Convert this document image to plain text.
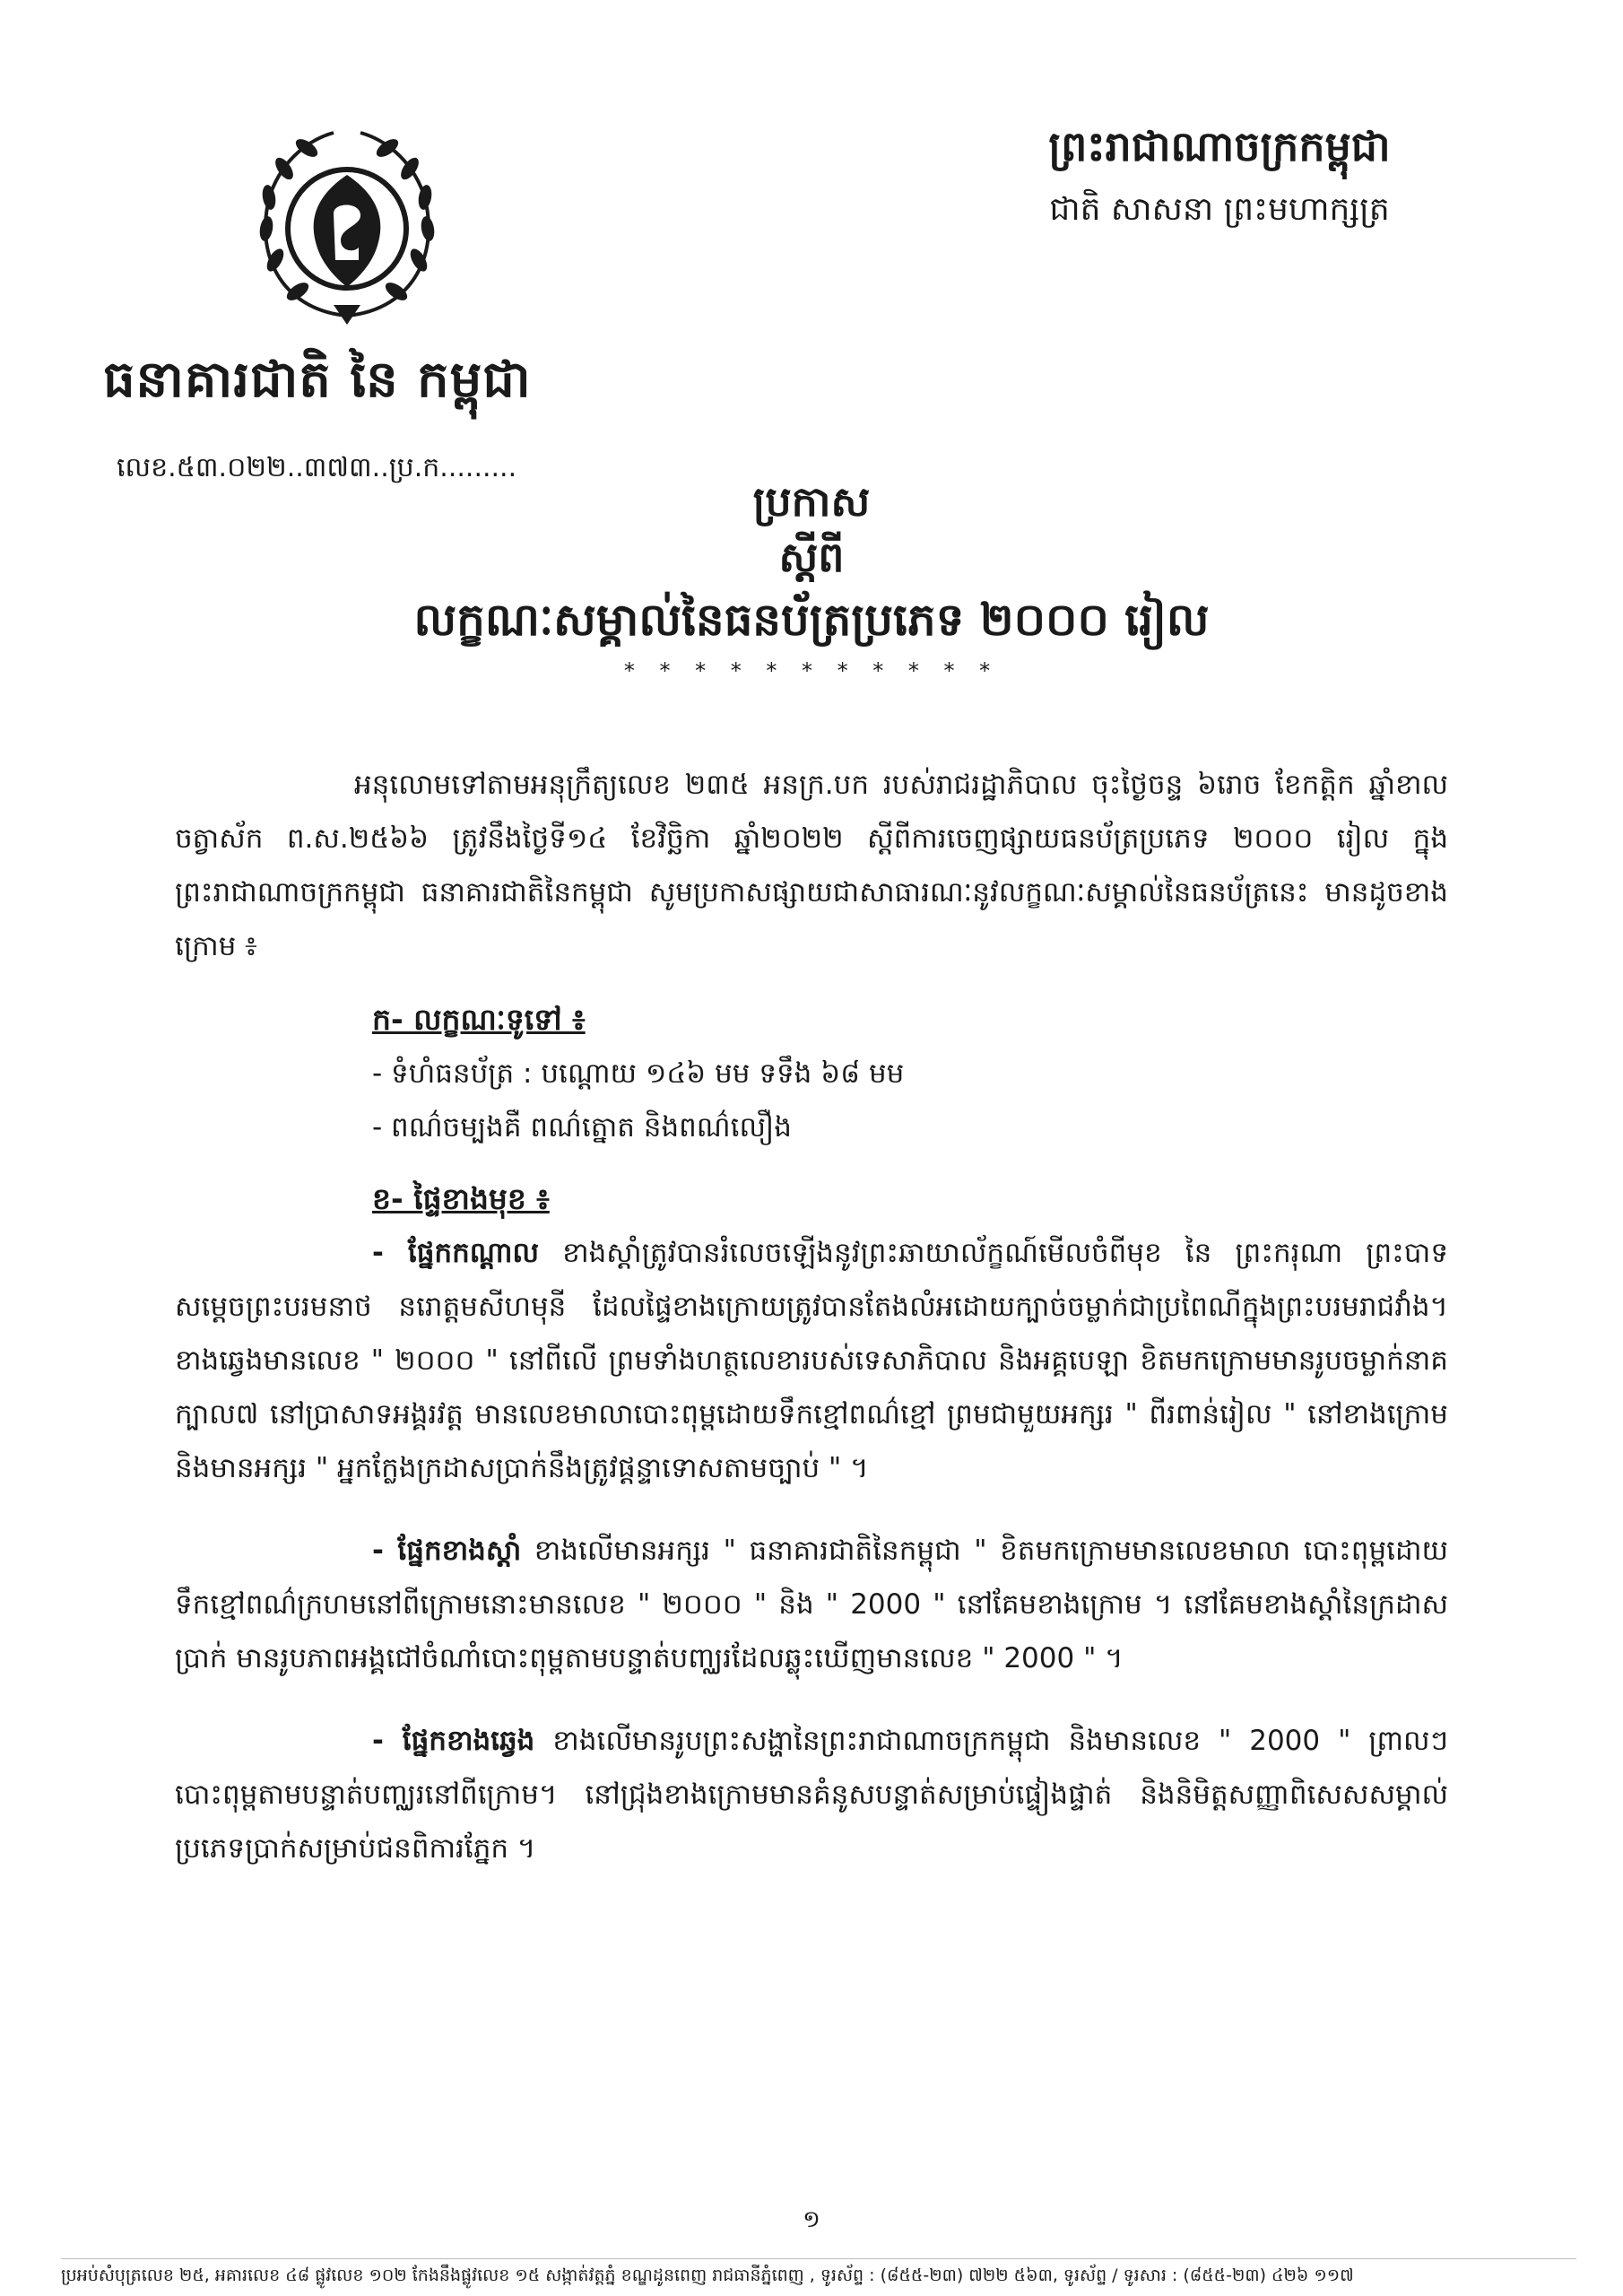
ធនាគារជាតិ នៃ កម្ពុជា
លេខ.៥៣.០២២..៣៧៣..ប្រ.ក.........
ព្រះរាជាណាចក្រកម្ពុជា
ជាតិ សាសនា ព្រះមហាក្សត្រ

ប្រកាស

ស្ដីពី

លក្ខណៈសម្គាល់នៃធនប័ត្រប្រភេទ ២០០០ រៀល

* * * * * * * * * * *

អនុលោមទៅតាមអនុក្រឹត្យលេខ ២៣៥ អនក្រ.បក របស់រាជរដ្ឋាភិបាល ចុះថ្ងៃចន្ទ ៦រោច ខែកត្តិក ឆ្នាំខាល ចត្វាស័ក ព.ស.២៥៦៦ ត្រូវនឹងថ្ងៃទី១៤ ខែវិច្ឆិកា ឆ្នាំ២០២២ ស្តីពីការចេញផ្សាយធនប័ត្រប្រភេទ ២០០០ រៀល ក្នុងព្រះរាជាណាចក្រកម្ពុជា ធនាគារជាតិនៃកម្ពុជា សូមប្រកាសផ្សាយជាសាធារណៈនូវលក្ខណៈសម្គាល់នៃធនប័ត្រនេះ មានដូចខាងក្រោម ៖

ក- លក្ខណៈទូទៅ ៖
- ទំហំធនប័ត្រ : បណ្ដោយ ១៤៦ មម ទទឹង ៦៨ មម
- ពណ៌ចម្បងគឺ ពណ៌ត្នោត និងពណ៌លឿង
ខ- ផ្ទៃខាងមុខ ៖

- ផ្នែកកណ្ដាល ខាងស្តាំត្រូវបានរំលេចឡើងនូវព្រះឆាយាល័ក្ខណ៍មើលចំពីមុខ នៃ ព្រះករុណា ព្រះបាទ សម្ដេចព្រះបរមនាថ នរោត្តមសីហមុនី ដែលផ្ទៃខាងក្រោយត្រូវបានតែងលំអដោយក្បាច់ចម្លាក់ជាប្រពៃណីក្នុងព្រះបរមរាជវាំង។ ខាងឆ្វេងមានលេខ " ២០០០ " នៅពីលើ ព្រមទាំងហត្ថលេខារបស់ទេសាភិបាល និងអគ្គបេឡា ខិតមកក្រោមមានរូបចម្លាក់នាគក្បាល៧ នៅប្រាសាទអង្គរវត្ត មានលេខមាលាបោះពុម្ពដោយទឹកខ្មៅពណ៌ខ្មៅ ព្រមជាមួយអក្សរ " ពីរពាន់រៀល " នៅខាងក្រោម និងមានអក្សរ " អ្នកក្លែងក្រដាសប្រាក់នឹងត្រូវផ្តន្ទាទោសតាមច្បាប់ " ។

- ផ្នែកខាងស្តាំ ខាងលើមានអក្សរ " ធនាគារជាតិនៃកម្ពុជា " ខិតមកក្រោមមានលេខមាលា បោះពុម្ពដោយទឹកខ្មៅពណ៌ក្រហមនៅពីក្រោមនោះមានលេខ " ២០០០ " និង " 2000 " នៅគែមខាងក្រោម ។ នៅគែមខាងស្ដាំនៃក្រដាសប្រាក់ មានរូបភាពអង្គជៅចំណាំបោះពុម្ពតាមបន្ទាត់បញ្ឈរដែលឆ្លុះឃើញមានលេខ " 2000 " ។

- ផ្នែកខាងឆ្វេង ខាងលើមានរូបព្រះសង្ហានៃព្រះរាជាណាចក្រកម្ពុជា និងមានលេខ " 2000 " ព្រាលៗបោះពុម្ពតាមបន្ទាត់បញ្ឈរនៅពីក្រោម។ នៅជ្រុងខាងក្រោមមានគំនូសបន្ទាត់សម្រាប់ផ្ទៀងផ្ទាត់ និងនិមិត្តសញ្ញាពិសេសសម្គាល់ប្រភេទប្រាក់សម្រាប់ជនពិការភ្នែក ។

១
ប្រអប់សំបុត្រលេខ ២៥, អគារលេខ ៤៨ ផ្លូវលេខ ១០២ កែងនឹងផ្លូវលេខ ១៥ សង្កាត់វត្តភ្នំ ខណ្ឌដូនពេញ រាជធានីភ្នំពេញ , ទូរស័ព្ទ : (៨៥៥-២៣) ៧២២ ៥៦៣, ទូរស័ព្ទ / ទូរសារ : (៨៥៥-២៣) ៤២៦ ១១៧
